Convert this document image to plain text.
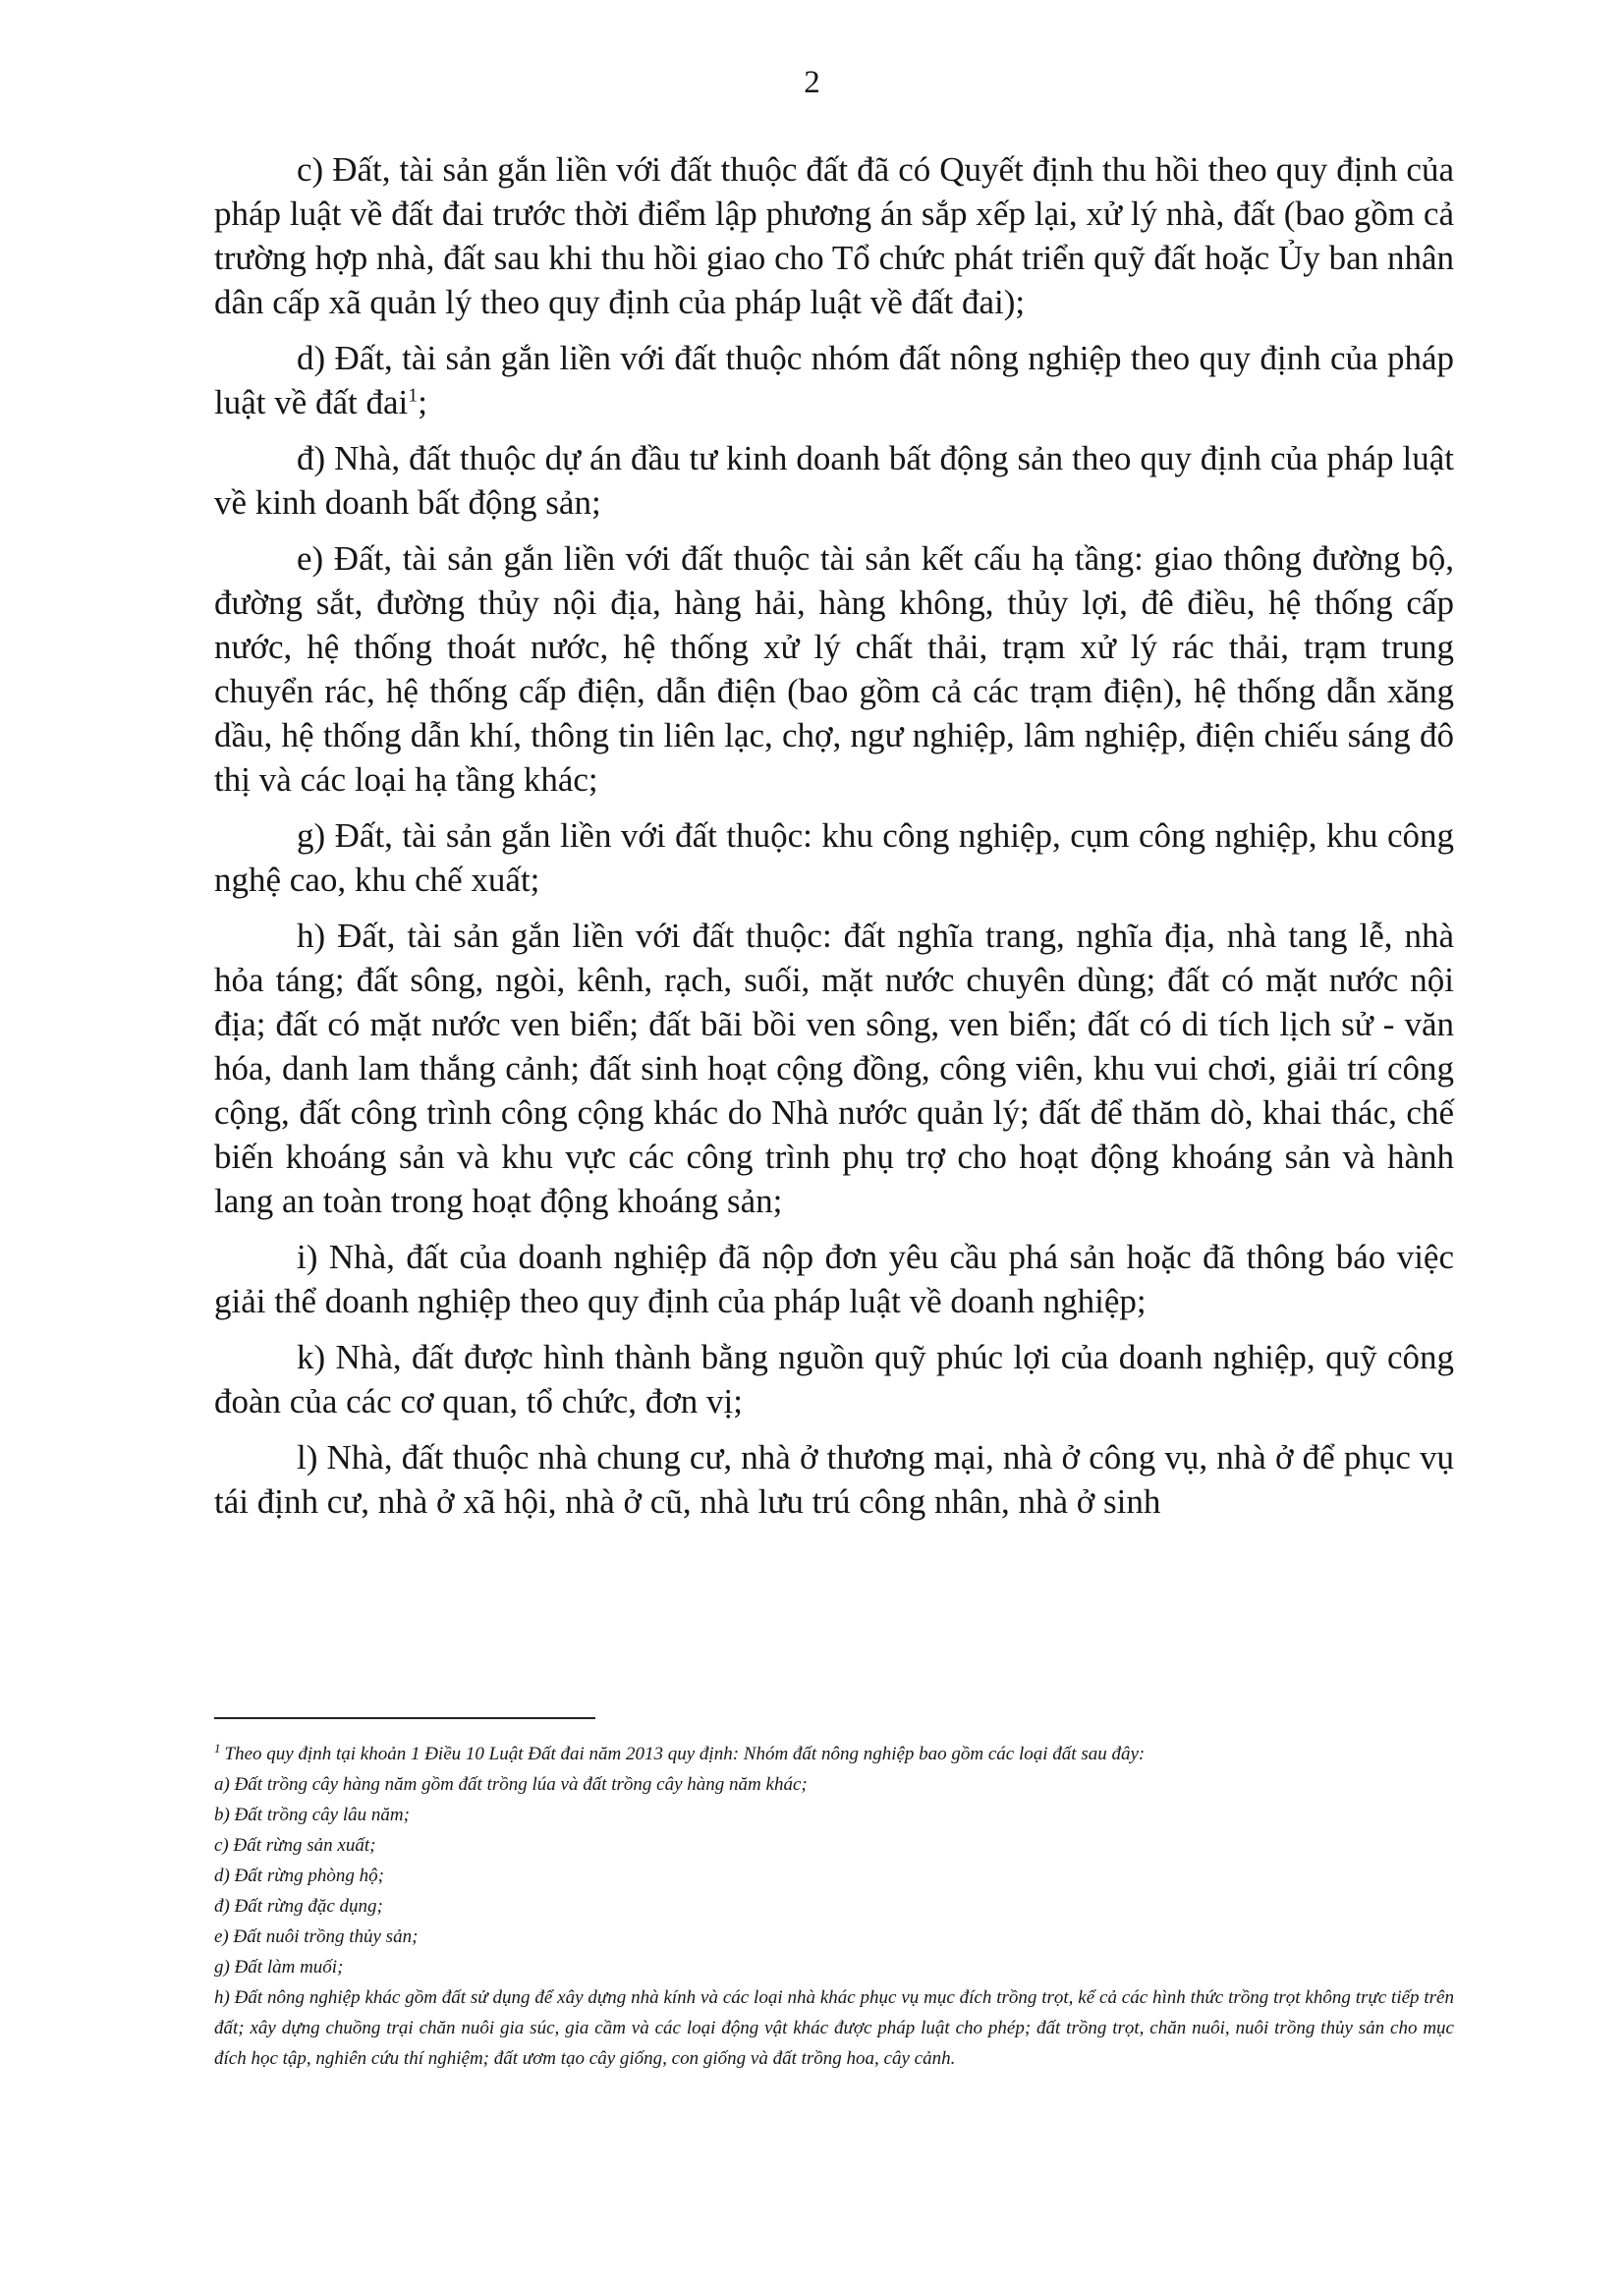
2

c) Đất, tài sản gắn liền với đất thuộc đất đã có Quyết định thu hồi theo quy định của pháp luật về đất đai trước thời điểm lập phương án sắp xếp lại, xử lý nhà, đất (bao gồm cả trường hợp nhà, đất sau khi thu hồi giao cho Tổ chức phát triển quỹ đất hoặc Ủy ban nhân dân cấp xã quản lý theo quy định của pháp luật về đất đai);

d) Đất, tài sản gắn liền với đất thuộc nhóm đất nông nghiệp theo quy định của pháp luật về đất đai$^1$;

đ) Nhà, đất thuộc dự án đầu tư kinh doanh bất động sản theo quy định của pháp luật về kinh doanh bất động sản;

e) Đất, tài sản gắn liền với đất thuộc tài sản kết cấu hạ tầng: giao thông đường bộ, đường sắt, đường thủy nội địa, hàng hải, hàng không, thủy lợi, đê điều, hệ thống cấp nước, hệ thống thoát nước, hệ thống xử lý chất thải, trạm xử lý rác thải, trạm trung chuyển rác, hệ thống cấp điện, dẫn điện (bao gồm cả các trạm điện), hệ thống dẫn xăng dầu, hệ thống dẫn khí, thông tin liên lạc, chợ, ngư nghiệp, lâm nghiệp, điện chiếu sáng đô thị và các loại hạ tầng khác;

g) Đất, tài sản gắn liền với đất thuộc: khu công nghiệp, cụm công nghiệp, khu công nghệ cao, khu chế xuất;

h) Đất, tài sản gắn liền với đất thuộc: đất nghĩa trang, nghĩa địa, nhà tang lễ, nhà hỏa táng; đất sông, ngòi, kênh, rạch, suối, mặt nước chuyên dùng; đất có mặt nước nội địa; đất có mặt nước ven biển; đất bãi bồi ven sông, ven biển; đất có di tích lịch sử - văn hóa, danh lam thắng cảnh; đất sinh hoạt cộng đồng, công viên, khu vui chơi, giải trí công cộng, đất công trình công cộng khác do Nhà nước quản lý; đất để thăm dò, khai thác, chế biến khoáng sản và khu vực các công trình phụ trợ cho hoạt động khoáng sản và hành lang an toàn trong hoạt động khoáng sản;

i) Nhà, đất của doanh nghiệp đã nộp đơn yêu cầu phá sản hoặc đã thông báo việc giải thể doanh nghiệp theo quy định của pháp luật về doanh nghiệp;

k) Nhà, đất được hình thành bằng nguồn quỹ phúc lợi của doanh nghiệp, quỹ công đoàn của các cơ quan, tổ chức, đơn vị;

l) Nhà, đất thuộc nhà chung cư, nhà ở thương mại, nhà ở công vụ, nhà ở để phục vụ tái định cư, nhà ở xã hội, nhà ở cũ, nhà lưu trú công nhân, nhà ở sinh

$^1$ Theo quy định tại khoản 1 Điều 10 Luật Đất đai năm 2013 quy định: Nhóm đất nông nghiệp bao gồm các loại đất sau đây:

a) Đất trồng cây hàng năm gồm đất trồng lúa và đất trồng cây hàng năm khác;

b) Đất trồng cây lâu năm;

c) Đất rừng sản xuất;

d) Đất rừng phòng hộ;

đ) Đất rừng đặc dụng;

e) Đất nuôi trồng thủy sản;

g) Đất làm muối;

h) Đất nông nghiệp khác gồm đất sử dụng để xây dựng nhà kính và các loại nhà khác phục vụ mục đích trồng trọt, kể cả các hình thức trồng trọt không trực tiếp trên đất; xây dựng chuồng trại chăn nuôi gia súc, gia cầm và các loại động vật khác được pháp luật cho phép; đất trồng trọt, chăn nuôi, nuôi trồng thủy sản cho mục đích học tập, nghiên cứu thí nghiệm; đất ươm tạo cây giống, con giống và đất trồng hoa, cây cảnh.
